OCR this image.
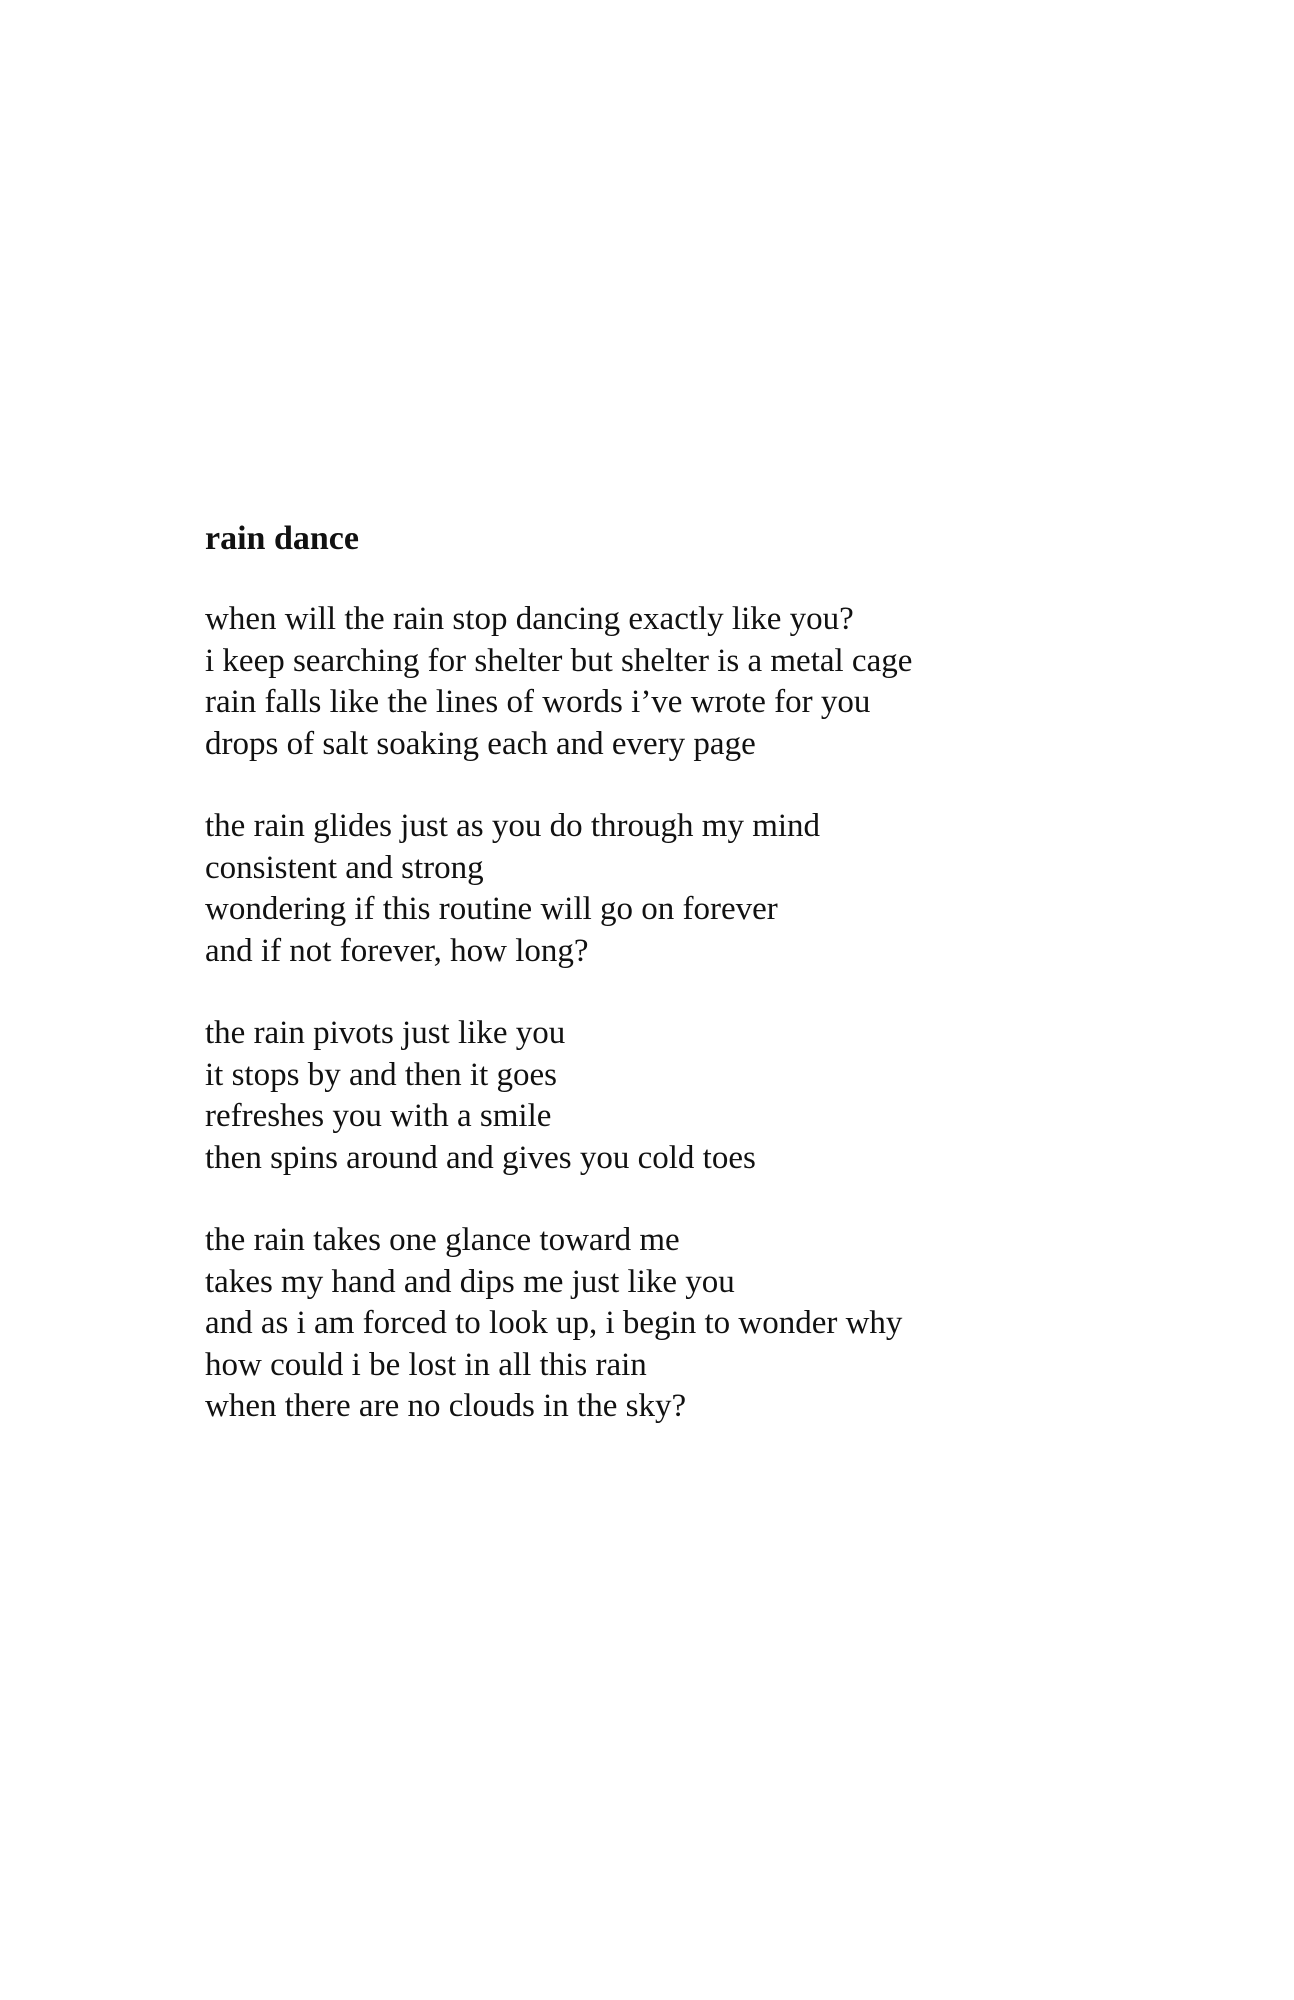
rain dance
when will the rain stop dancing exactly like you?
i keep searching for shelter but shelter is a metal cage
rain falls like the lines of words i’ve wrote for you
drops of salt soaking each and every page
the rain glides just as you do through my mind
consistent and strong
wondering if this routine will go on forever
and if not forever, how long?
the rain pivots just like you
it stops by and then it goes
refreshes you with a smile
then spins around and gives you cold toes
the rain takes one glance toward me
takes my hand and dips me just like you
and as i am forced to look up, i begin to wonder why
how could i be lost in all this rain
when there are no clouds in the sky?
